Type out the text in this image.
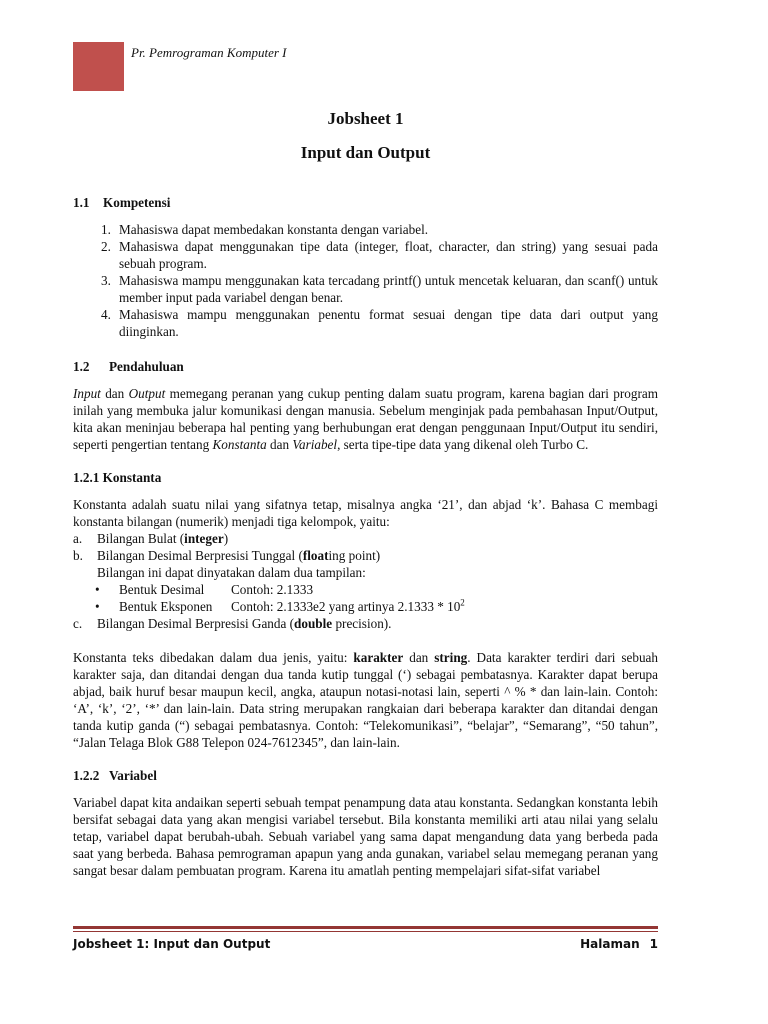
Pr. Pemrograman Komputer I

Jobsheet 1

Input dan Output

1.1 Kompetensi
1. Mahasiswa dapat membedakan konstanta dengan variabel.
2. Mahasiswa dapat menggunakan tipe data (integer, float, character, dan string) yang sesuai pada sebuah program.
3. Mahasiswa mampu menggunakan kata tercadang printf() untuk mencetak keluaran, dan scanf() untuk member input pada variabel dengan benar.
4. Mahasiswa mampu menggunakan penentu format sesuai dengan tipe data dari output yang diinginkan.
1.2 Pendahuluan

Input dan Output memegang peranan yang cukup penting dalam suatu program, karena bagian dari program inilah yang membuka jalur komunikasi dengan manusia. Sebelum menginjak pada pembahasan Input/Output, kita akan meninjau beberapa hal penting yang berhubungan erat dengan penggunaan Input/Output itu sendiri, seperti pengertian tentang Konstanta dan Variabel, serta tipe-tipe data yang dikenal oleh Turbo C.

1.2.1 Konstanta

Konstanta adalah suatu nilai yang sifatnya tetap, misalnya angka ‘21’, dan abjad ‘k’. Bahasa C membagi konstanta bilangan (numerik) menjadi tiga kelompok, yaitu:

a. Bilangan Bulat (integer)
b. Bilangan Desimal Berpresisi Tunggal (floating point)
Bilangan ini dapat dinyatakan dalam dua tampilan:
• Bentuk Desimal Contoh: 2.1333
• Bentuk Eksponen Contoh: 2.1333e2 yang artinya $2.1333 * 10^2$
c. Bilangan Desimal Berpresisi Ganda (double precision).

Konstanta teks dibedakan dalam dua jenis, yaitu: karakter dan string. Data karakter terdiri dari sebuah karakter saja, dan ditandai dengan dua tanda kutip tunggal (‘) sebagai pembatasnya. Karakter dapat berupa abjad, baik huruf besar maupun kecil, angka, ataupun notasi-notasi lain, seperti ^ % * dan lain-lain. Contoh: ‘A’, ‘k’, ‘2’, ‘*’ dan lain-lain. Data string merupakan rangkaian dari beberapa karakter dan ditandai dengan tanda kutip ganda (“) sebagai pembatasnya. Contoh: “Telekomunikasi”, “belajar”, “Semarang”, “50 tahun”, “Jalan Telaga Blok G88 Telepon 024-7612345”, dan lain-lain.

1.2.2 Variabel

Variabel dapat kita andaikan seperti sebuah tempat penampung data atau konstanta. Sedangkan konstanta lebih bersifat sebagai data yang akan mengisi variabel tersebut. Bila konstanta memiliki arti atau nilai yang selalu tetap, variabel dapat berubah-ubah. Sebuah variabel yang sama dapat mengandung data yang berbeda pada saat yang berbeda. Bahasa pemrograman apapun yang anda gunakan, variabel selau memegang peranan yang sangat besar dalam pembuatan program. Karena itu amatlah penting mempelajari sifat-sifat variabel

Jobsheet 1: Input dan Output	Halaman 1
